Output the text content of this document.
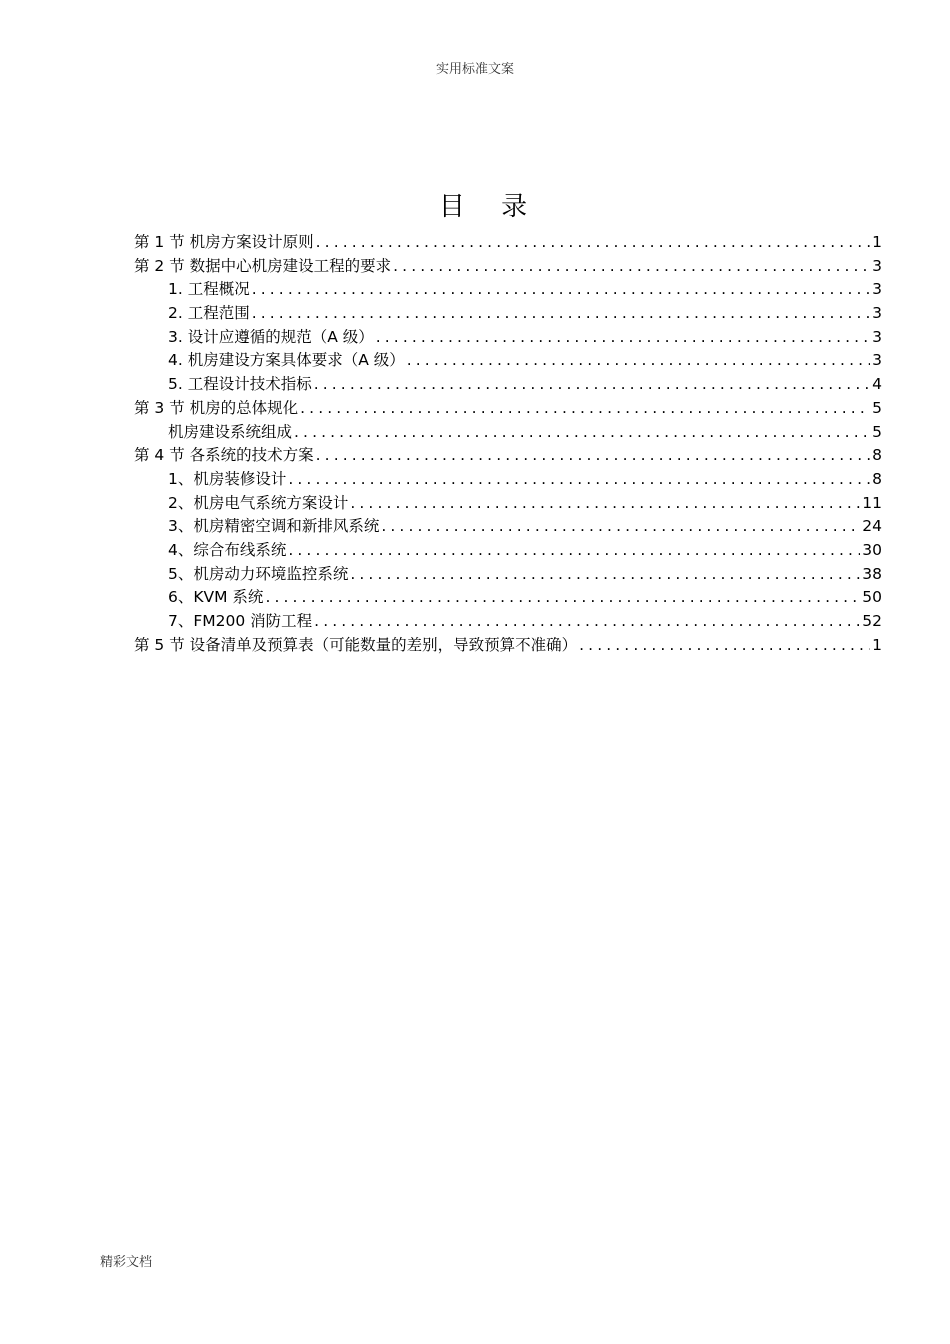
实用标准文案
目 录
第 1 节 机房方案设计原则 .....	1
第 2 节 数据中心机房建设工程的要求 .....	3
1. 工程概况 .....	3
2. 工程范围 .....	3
3. 设计应遵循的规范（A 级） .....	3
4. 机房建设方案具体要求（A 级） .....	3
5. 工程设计技术指标 .....	4
第 3 节 机房的总体规化 .....	5
机房建设系统组成 .....	5
第 4 节 各系统的技术方案 .....	8
1、机房装修设计 .....	8
2、机房电气系统方案设计 .....	11
3、机房精密空调和新排风系统 .....	24
4、综合布线系统 .....	30
5、机房动力环境监控系统 .....	38
6、KVM 系统 .....	50
7、FM200 消防工程 .....	52
第 5 节 设备清单及预算表（可能数量的差别，导致预算不准确） .....	1
精彩文档
